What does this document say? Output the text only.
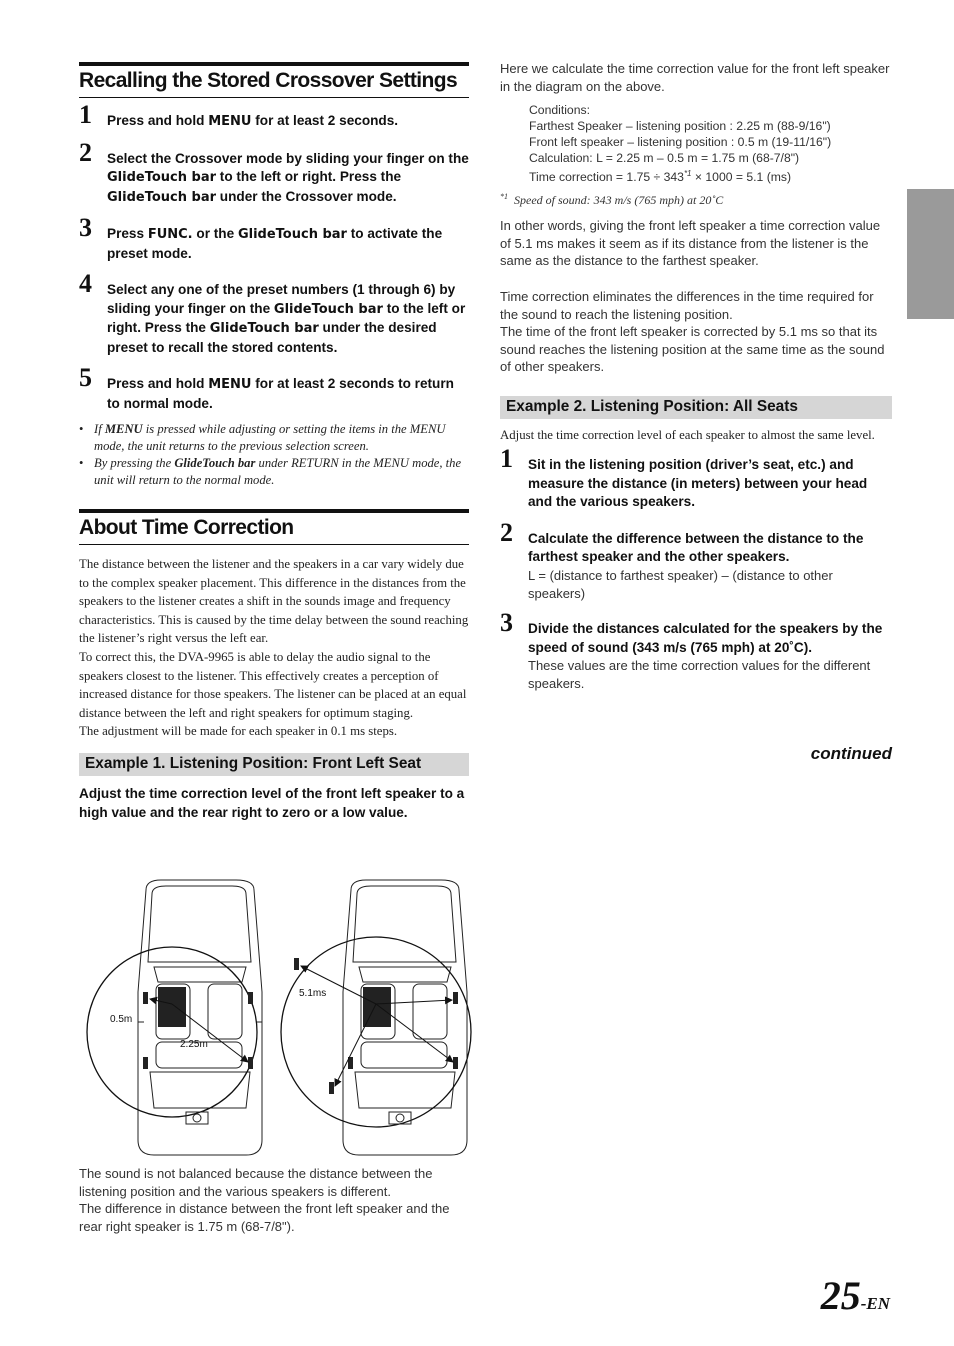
Recalling the Stored Crossover Settings
1 Press and hold MENU for at least 2 seconds.
2 Select the Crossover mode by sliding your finger on the GlideTouch bar to the left or right. Press the GlideTouch bar under the Crossover mode.
3 Press FUNC. or the GlideTouch bar to activate the preset mode.
4 Select any one of the preset numbers (1 through 6) by sliding your finger on the GlideTouch bar to the left or right. Press the GlideTouch bar under the desired preset to recall the stored contents.
5 Press and hold MENU for at least 2 seconds to return to normal mode.
• If MENU is pressed while adjusting or setting the items in the MENU mode, the unit returns to the previous selection screen.
• By pressing the GlideTouch bar under RETURN in the MENU mode, the unit will return to the normal mode.
About Time Correction

The distance between the listener and the speakers in a car vary widely due to the complex speaker placement. This difference in the distances from the speakers to the listener creates a shift in the sounds image and frequency characteristics. This is caused by the time delay between the sound reaching the listener’s right versus the left ear.

To correct this, the DVA-9965 is able to delay the audio signal to the speakers closest to the listener. This effectively creates a perception of increased distance for those speakers. The listener can be placed at an equal distance between the left and right speakers for optimum staging.

The adjustment will be made for each speaker in 0.1 ms steps.

Example 1. Listening Position: Front Left Seat

Adjust the time correction level of the front left speaker to a high value and the rear right to zero or a low value.

0.5m
2.25m
5.1ms

The sound is not balanced because the distance between the listening position and the various speakers is different.

The difference in distance between the front left speaker and the rear right speaker is 1.75 m (68-7/8").

Here we calculate the time correction value for the front left speaker in the diagram on the above.

Conditions:
Farthest Speaker – listening position : 2.25 m (88-9/16")
Front left speaker – listening position : 0.5 m (19-11/16")
Calculation: L = 2.25 m – 0.5 m = 1.75 m (68-7/8")
Time correction = $1.75 \div 343^{*1} \times 1000 = 5.1$ (ms)
$^{*1}$ Speed of sound: 343 m/s (765 mph) at 20˚C

In other words, giving the front left speaker a time correction value of 5.1 ms makes it seem as if its distance from the listener is the same as the distance to the farthest speaker.

Time correction eliminates the differences in the time required for the sound to reach the listening position.

The time of the front left speaker is corrected by 5.1 ms so that its sound reaches the listening position at the same time as the sound of other speakers.

Example 2. Listening Position: All Seats

Adjust the time correction level of each speaker to almost the same level.

1 Sit in the listening position (driver’s seat, etc.) and measure the distance (in meters) between your head and the various speakers.
2 Calculate the difference between the distance to the farthest speaker and the other speakers.
L = (distance to farthest speaker) – (distance to other speakers)
3 Divide the distances calculated for the speakers by the speed of sound (343 m/s (765 mph) at 20˚C).
These values are the time correction values for the different speakers.
continued
25-EN
